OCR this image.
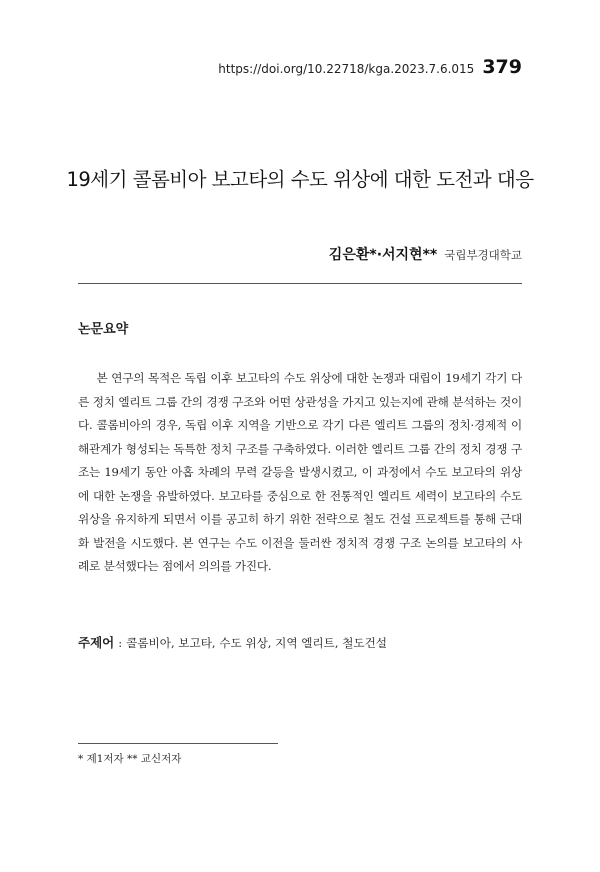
https://doi.org/10.22718/kga.2023.7.6.015 379
19세기 콜롬비아 보고타의 수도 위상에 대한 도전과 대응
김은환*·서지현** 국립부경대학교
논문요약
본 연구의 목적은 독립 이후 보고타의 수도 위상에 대한 논쟁과 대립이 19세기 각기 다른 정치 엘리트 그룹 간의 경쟁 구조와 어떤 상관성을 가지고 있는지에 관해 분석하는 것이다. 콜롬비아의 경우, 독립 이후 지역을 기반으로 각기 다른 엘리트 그룹의 정치·경제적 이해관계가 형성되는 독특한 정치 구조를 구축하였다. 이러한 엘리트 그룹 간의 정치 경쟁 구조는 19세기 동안 아홉 차례의 무력 갈등을 발생시켰고, 이 과정에서 수도 보고타의 위상에 대한 논쟁을 유발하였다. 보고타를 중심으로 한 전통적인 엘리트 세력이 보고타의 수도 위상을 유지하게 되면서 이를 공고히 하기 위한 전략으로 철도 건설 프로젝트를 통해 근대화 발전을 시도했다. 본 연구는 수도 이전을 둘러싼 정치적 경쟁 구조 논의를 보고타의 사례로 분석했다는 점에서 의의를 가진다.
주제어 : 콜롬비아, 보고타, 수도 위상, 지역 엘리트, 철도건설
* 제1저자 ** 교신저자
